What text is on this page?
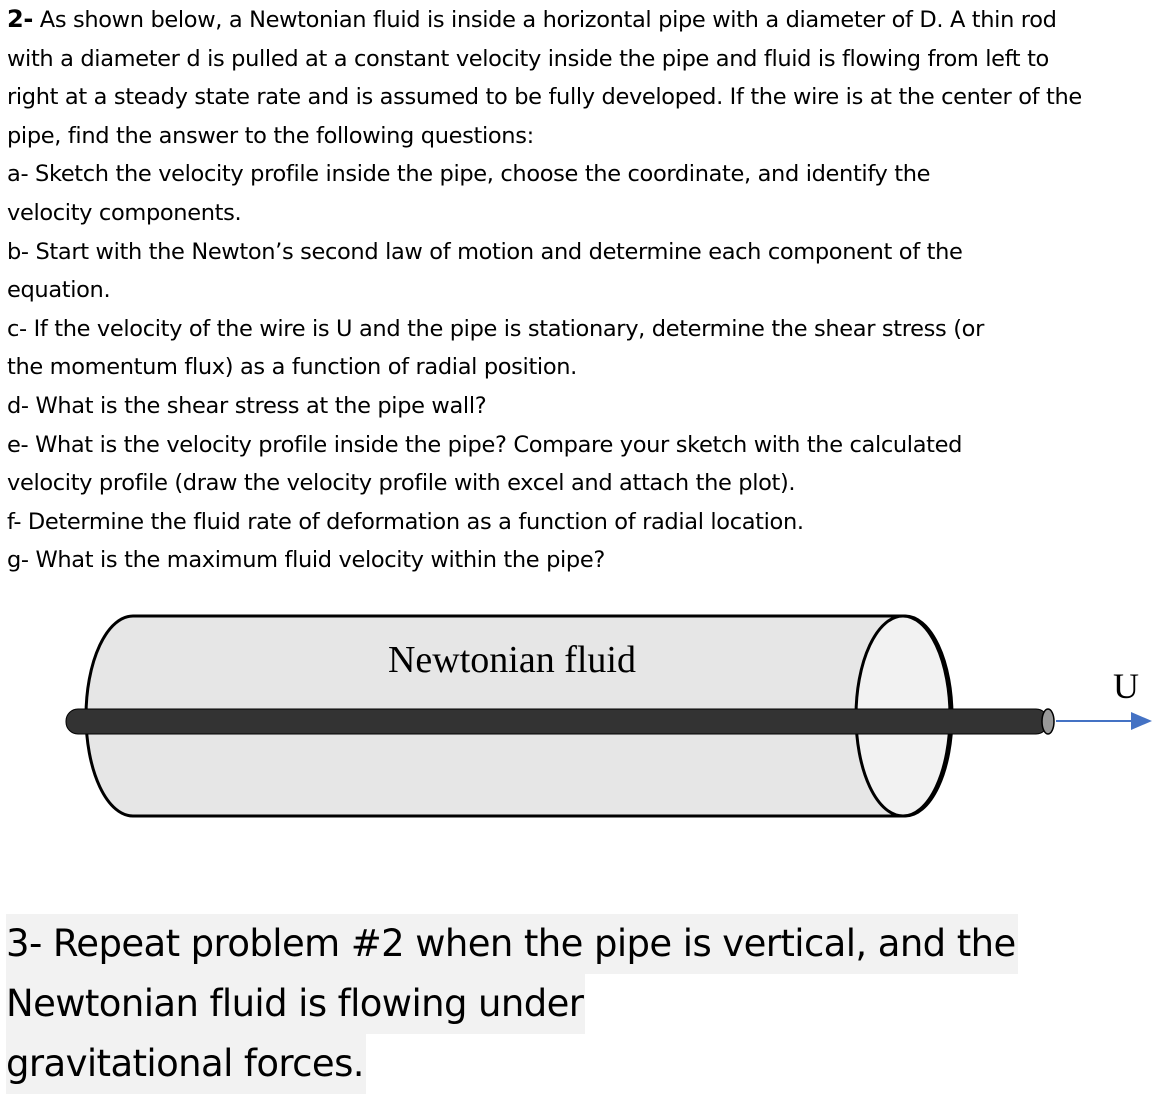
2- As shown below, a Newtonian fluid is inside a horizontal pipe with a diameter of D. A thin rod

with a diameter d is pulled at a constant velocity inside the pipe and fluid is flowing from left to

right at a steady state rate and is assumed to be fully developed. If the wire is at the center of the

pipe, find the answer to the following questions:

a- Sketch the velocity profile inside the pipe, choose the coordinate, and identify the

velocity components.

b- Start with the Newton’s second law of motion and determine each component of the

equation.

c- If the velocity of the wire is U and the pipe is stationary, determine the shear stress (or

the momentum flux) as a function of radial position.

d- What is the shear stress at the pipe wall?

e- What is the velocity profile inside the pipe? Compare your sketch with the calculated

velocity profile (draw the velocity profile with excel and attach the plot).

f- Determine the fluid rate of deformation as a function of radial location.

g- What is the maximum fluid velocity within the pipe?

Newtonian fluid
U
3- Repeat problem #2 when the pipe is vertical, and the
Newtonian fluid is flowing under
gravitational forces.
